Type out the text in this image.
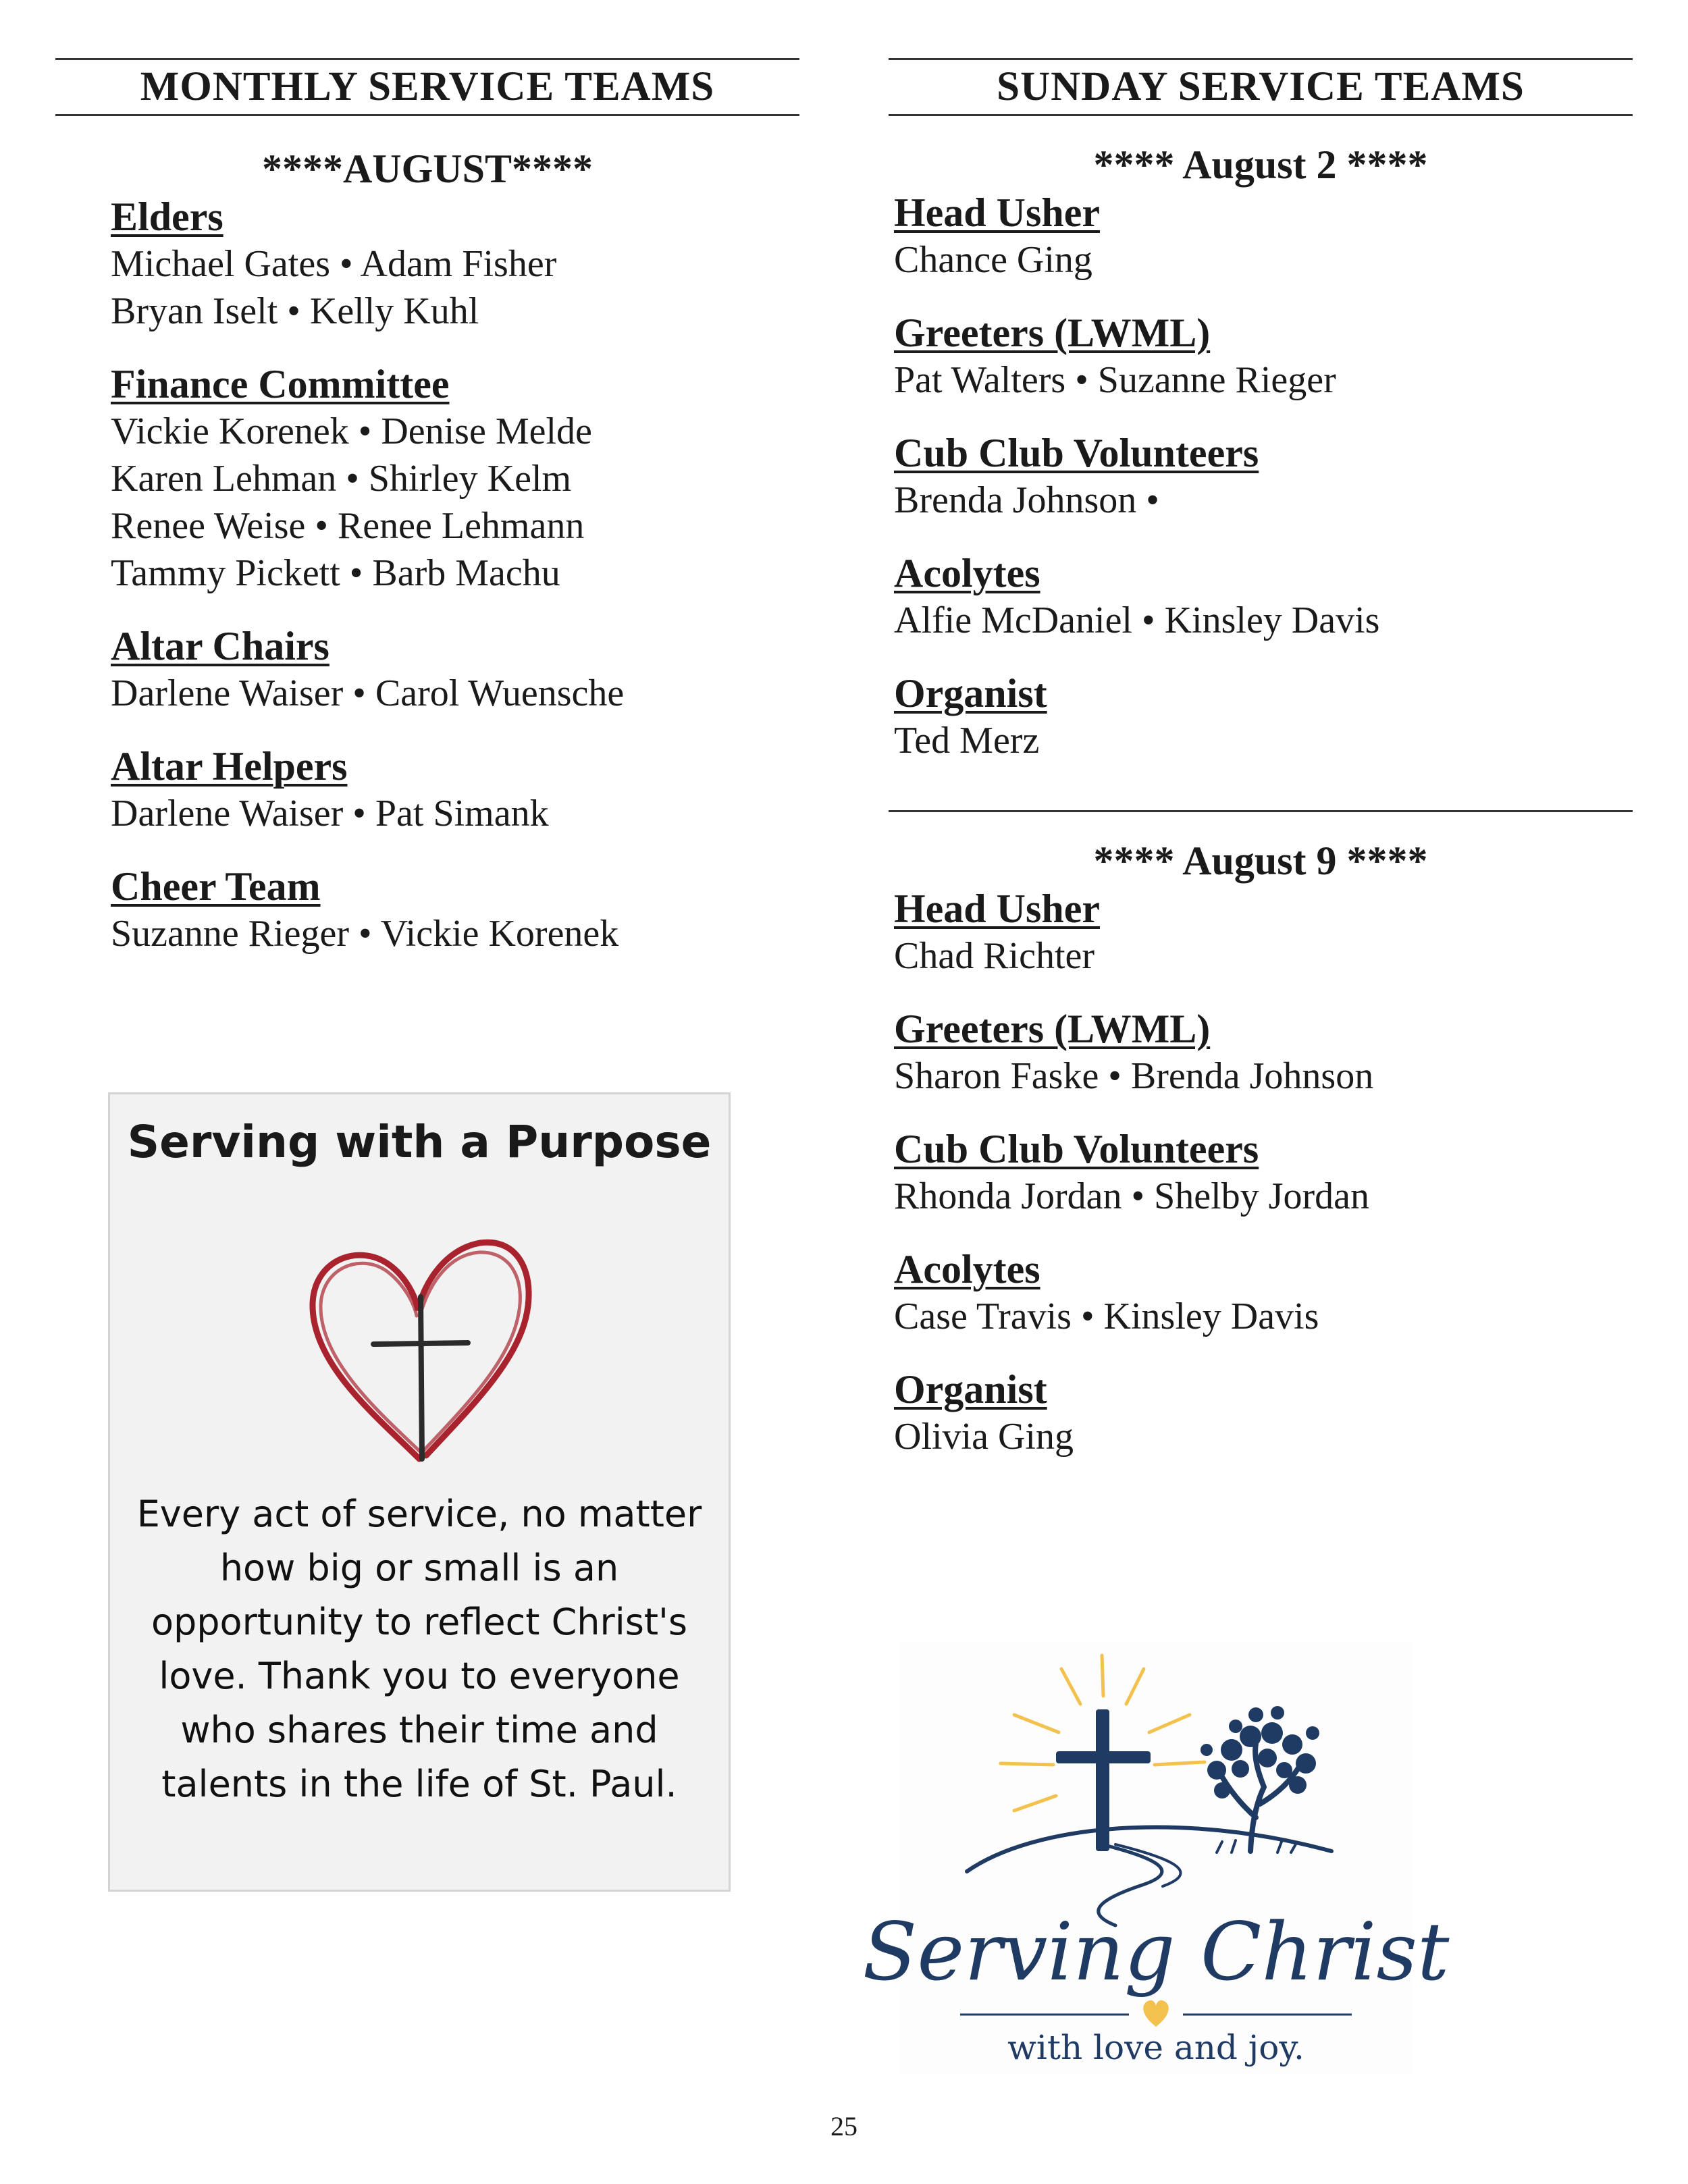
MONTHLY SERVICE TEAMS
****AUGUST****
Elders
Michael Gates • Adam Fisher
Bryan Iselt • Kelly Kuhl
Finance Committee
Vickie Korenek • Denise Melde
Karen Lehman • Shirley Kelm
Renee Weise • Renee Lehmann
Tammy Pickett • Barb Machu
Altar Chairs
Darlene Waiser • Carol Wuensche
Altar Helpers
Darlene Waiser • Pat Simank
Cheer Team
Suzanne Rieger • Vickie Korenek
Serving with a Purpose
Every act of service, no matter
how big or small is an
opportunity to reflect Christ's
love. Thank you to everyone
who shares their time and
talents in the life of St. Paul.
SUNDAY SERVICE TEAMS
**** August 2 ****
Head Usher
Chance Ging
Greeters (LWML)
Pat Walters • Suzanne Rieger
Cub Club Volunteers
Brenda Johnson •
Acolytes
Alfie McDaniel • Kinsley Davis
Organist
Ted Merz
**** August 9 ****
Head Usher
Chad Richter
Greeters (LWML)
Sharon Faske • Brenda Johnson
Cub Club Volunteers
Rhonda Jordan • Shelby Jordan
Acolytes
Case Travis • Kinsley Davis
Organist
Olivia Ging
Serving Christ
with love and joy.
25
